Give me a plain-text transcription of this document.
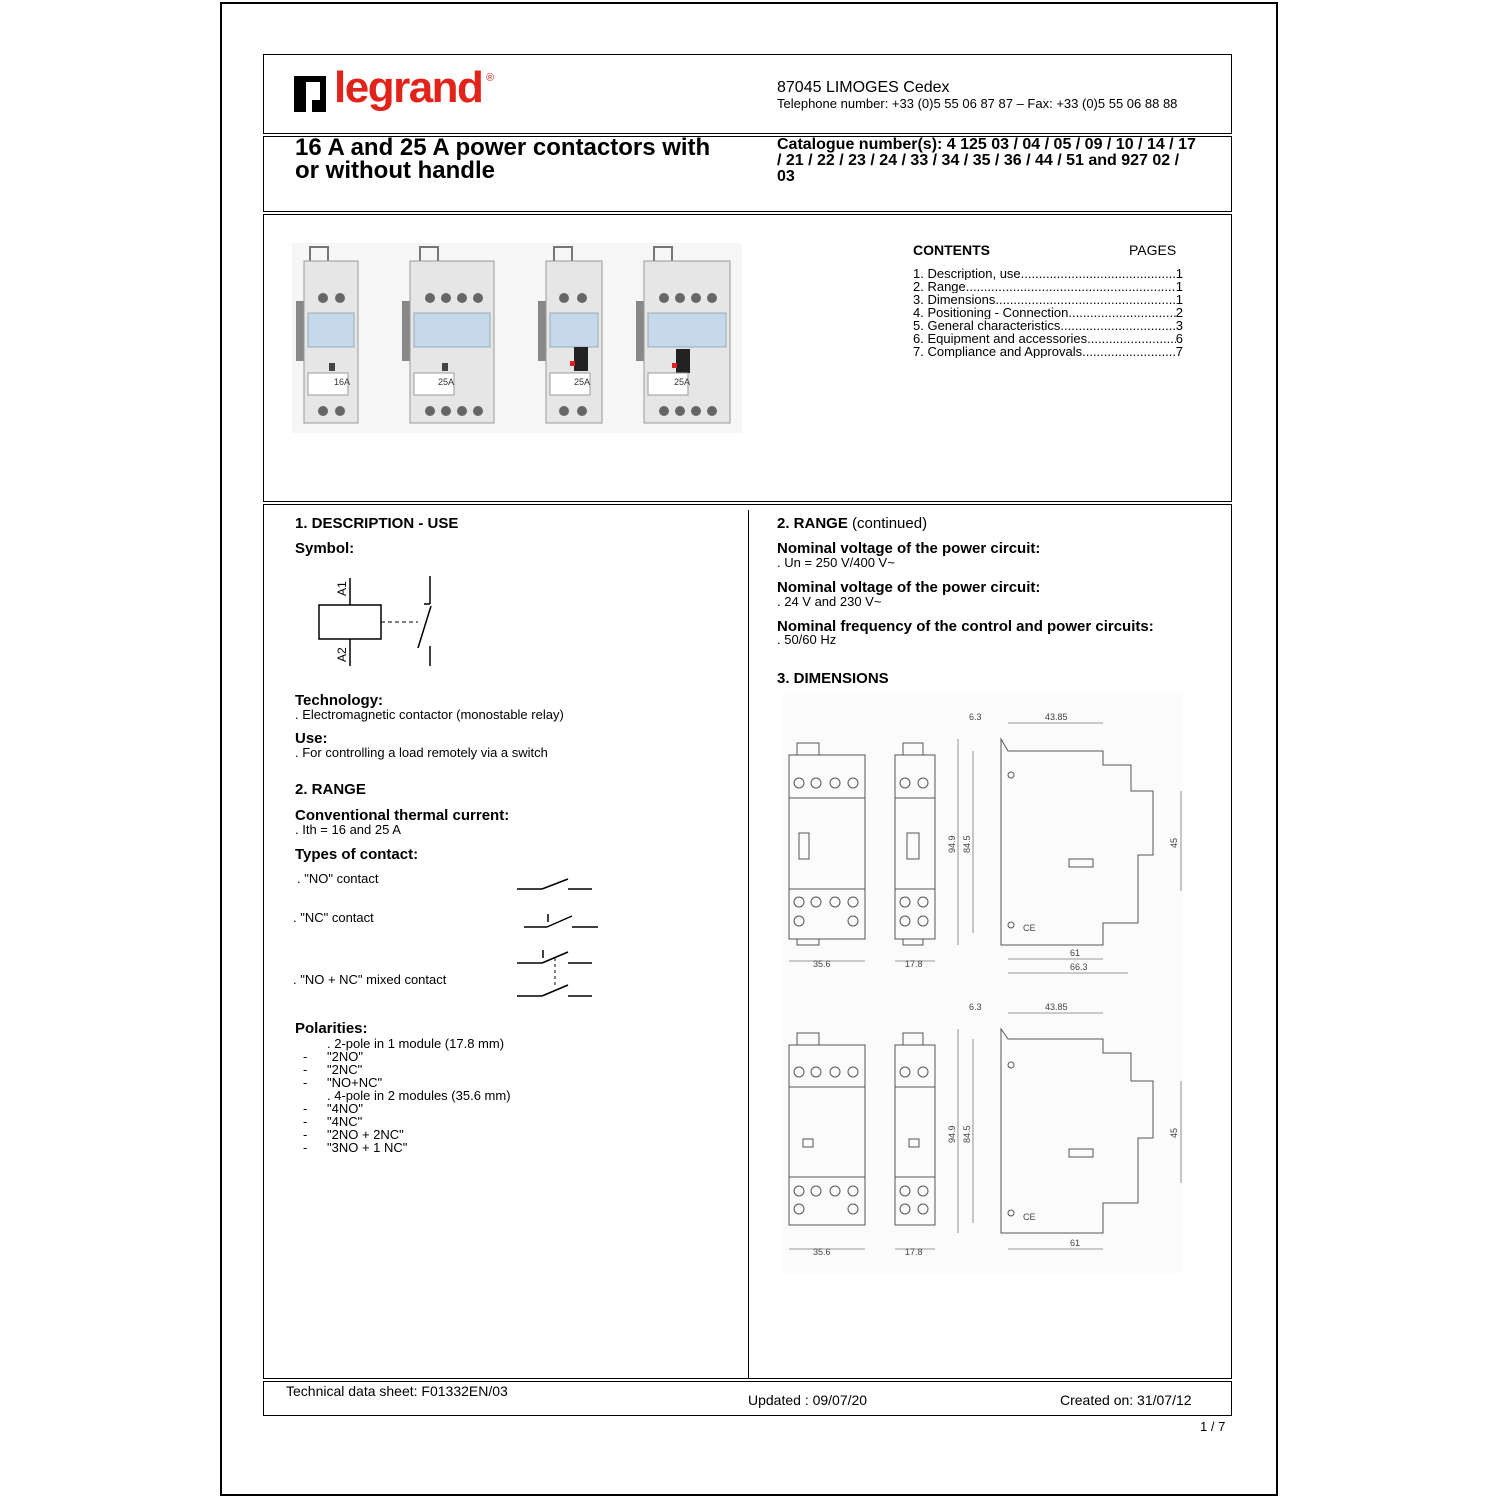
legrand ®
87045 LIMOGES Cedex
Telephone number: +33 (0)5 55 06 87 87 – Fax: +33 (0)5 55 06 88 88
16 A and 25 A power contactors with or without handle
Catalogue number(s): 4 125 03 / 04 / 05 / 09 / 10 / 14 / 17 / 21 / 22 / 23 / 24 / 33 / 34 / 35 / 36 / 44 / 51 and 927 02 / 03
16A	25A	25A	25A
CONTENTS	PAGES
1. Description, use .....	1
2. Range .....	1
3. Dimensions .....	1
4. Positioning - Connection .....	2
5. General characteristics .....	3
6. Equipment and accessories .....	6
7. Compliance and Approvals .....	7
1. DESCRIPTION - USE
Symbol:
A1
A2
Technology:
. Electromagnetic contactor (monostable relay)
Use:
. For controlling a load remotely via a switch
2. RANGE
Conventional thermal current:
. Ith = 16 and 25 A
Types of contact:
. "NO" contact
. "NC" contact
. "NO + NC" mixed contact
Polarities:
. 2-pole in 1 module (17.8 mm)
- "2NO"
- "2NC"
- "NO+NC"
. 4-pole in 2 modules (35.6 mm)
- "4NO"
- "4NC"
- "2NO + 2NC"
- "3NO + 1 NC"
2. RANGE (continued)
Nominal voltage of the power circuit:
. Un = 250 V/400 V~
Nominal voltage of the power circuit:
. 24 V and 230 V~
Nominal frequency of the control and power circuits:
. 50/60 Hz
3. DIMENSIONS
35.6	17.8
6.3	43.85
94.9 84.5	45
61
66.3
CE
35.6	17.8
6.3	43.85
94.9 84.5	45
61
CE
Technical data sheet: F01332EN/03
Updated : 09/07/20	Created on: 31/07/12
1 / 7
